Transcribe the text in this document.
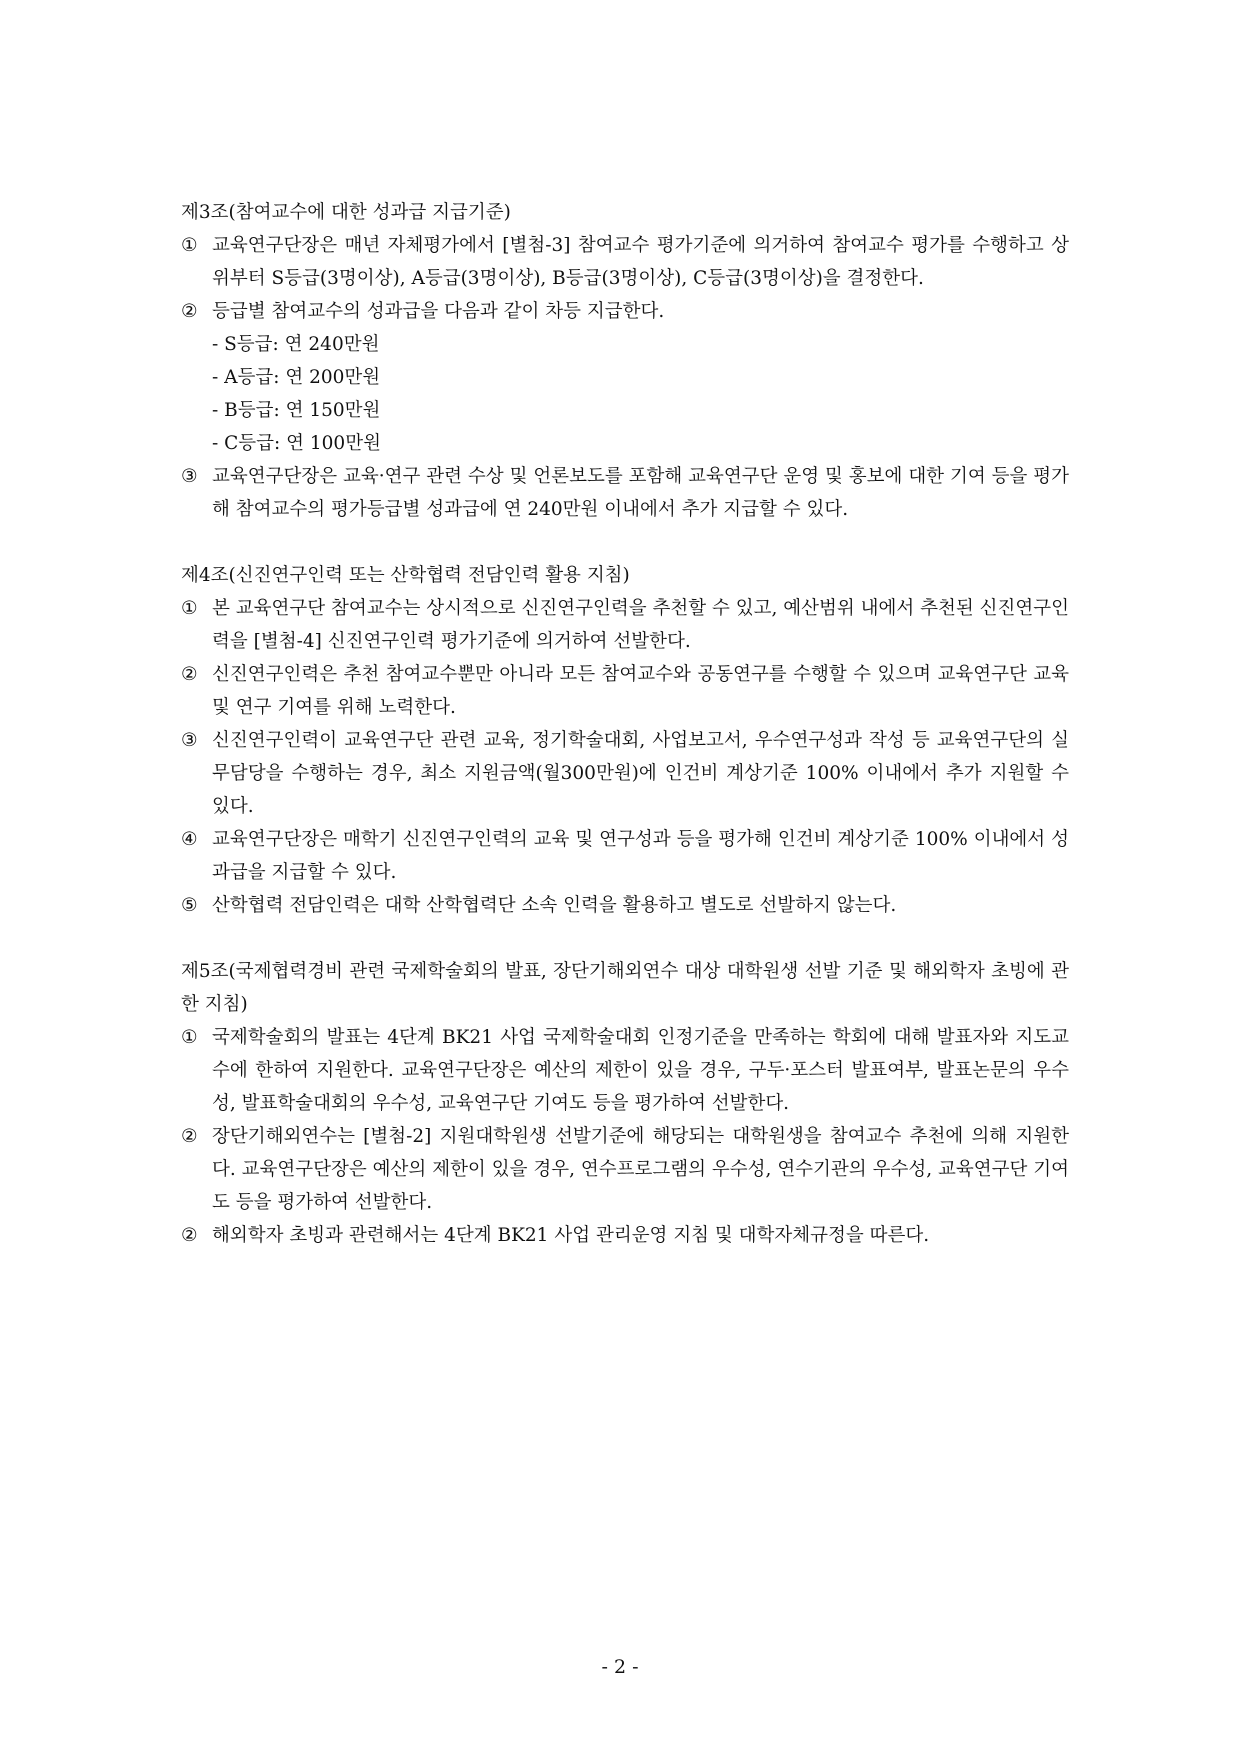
제3조(참여교수에 대한 성과급 지급기준)
① 교육연구단장은 매년 자체평가에서 [별첨-3] 참여교수 평가기준에 의거하여 참여교수 평가를 수행하고 상위부터 S등급(3명이상), A등급(3명이상), B등급(3명이상), C등급(3명이상)을 결정한다.
② 등급별 참여교수의 성과급을 다음과 같이 차등 지급한다.
- S등급: 연 240만원
- A등급: 연 200만원
- B등급: 연 150만원
- C등급: 연 100만원
③ 교육연구단장은 교육·연구 관련 수상 및 언론보도를 포함해 교육연구단 운영 및 홍보에 대한 기여 등을 평가해 참여교수의 평가등급별 성과급에 연 240만원 이내에서 추가 지급할 수 있다.
제4조(신진연구인력 또는 산학협력 전담인력 활용 지침)
① 본 교육연구단 참여교수는 상시적으로 신진연구인력을 추천할 수 있고, 예산범위 내에서 추천된 신진연구인력을 [별첨-4] 신진연구인력 평가기준에 의거하여 선발한다.
② 신진연구인력은 추천 참여교수뿐만 아니라 모든 참여교수와 공동연구를 수행할 수 있으며 교육연구단 교육 및 연구 기여를 위해 노력한다.
③ 신진연구인력이 교육연구단 관련 교육, 정기학술대회, 사업보고서, 우수연구성과 작성 등 교육연구단의 실무담당을 수행하는 경우, 최소 지원금액(월300만원)에 인건비 계상기준 100% 이내에서 추가 지원할 수 있다.
④ 교육연구단장은 매학기 신진연구인력의 교육 및 연구성과 등을 평가해 인건비 계상기준 100% 이내에서 성과급을 지급할 수 있다.
⑤ 산학협력 전담인력은 대학 산학협력단 소속 인력을 활용하고 별도로 선발하지 않는다.
제5조(국제협력경비 관련 국제학술회의 발표, 장단기해외연수 대상 대학원생 선발 기준 및 해외학자 초빙에 관한 지침)
① 국제학술회의 발표는 4단계 BK21 사업 국제학술대회 인정기준을 만족하는 학회에 대해 발표자와 지도교수에 한하여 지원한다. 교육연구단장은 예산의 제한이 있을 경우, 구두·포스터 발표여부, 발표논문의 우수성, 발표학술대회의 우수성, 교육연구단 기여도 등을 평가하여 선발한다.
② 장단기해외연수는 [별첨-2] 지원대학원생 선발기준에 해당되는 대학원생을 참여교수 추천에 의해 지원한다. 교육연구단장은 예산의 제한이 있을 경우, 연수프로그램의 우수성, 연수기관의 우수성, 교육연구단 기여도 등을 평가하여 선발한다.
② 해외학자 초빙과 관련해서는 4단계 BK21 사업 관리운영 지침 및 대학자체규정을 따른다.
- 2 -
